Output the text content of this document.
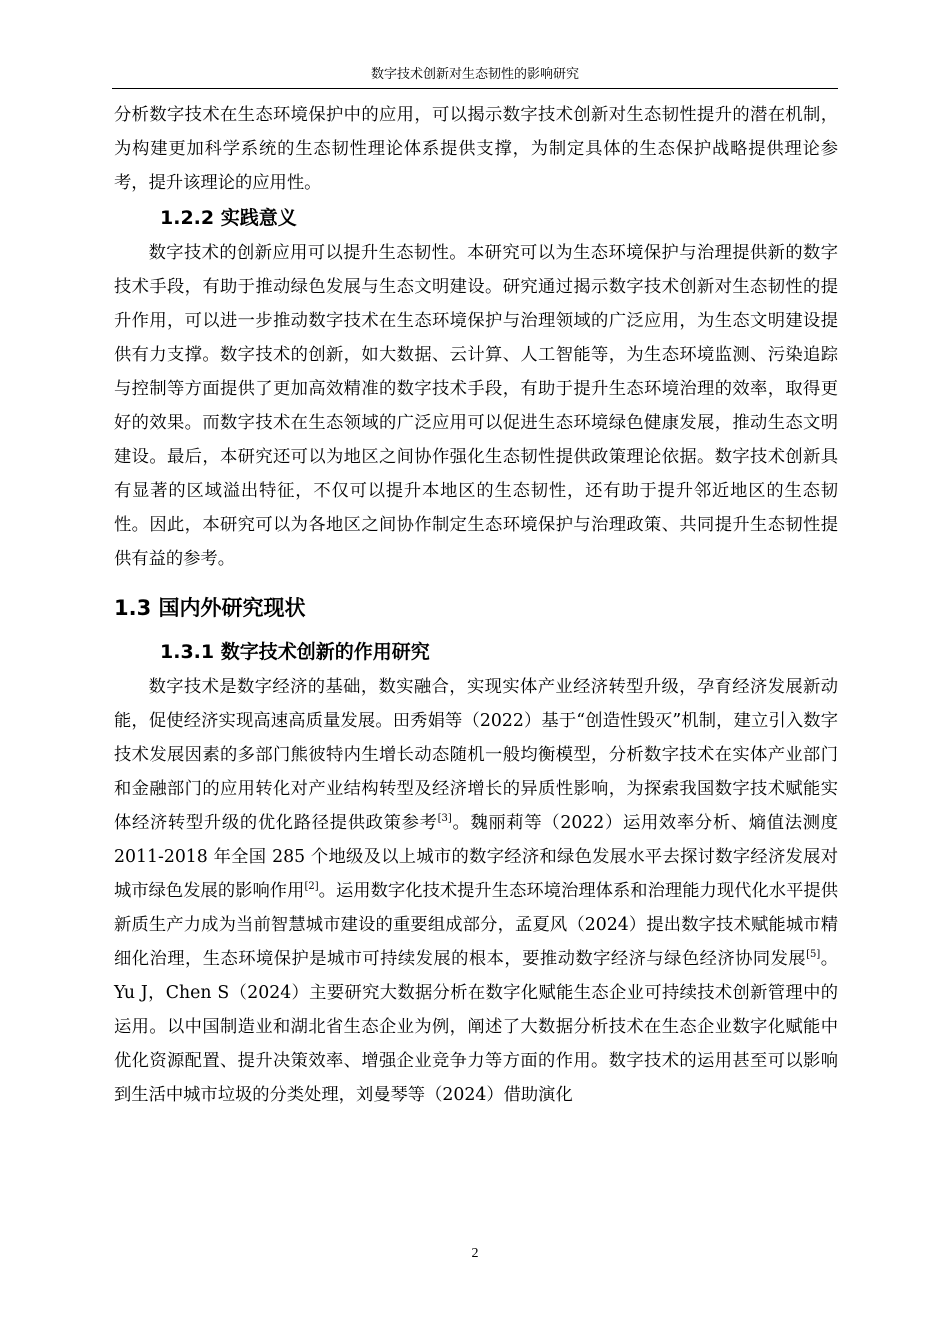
数字技术创新对生态韧性的影响研究

分析数字技术在生态环境保护中的应用，可以揭示数字技术创新对生态韧性提升的潜在机制，为构建更加科学系统的生态韧性理论体系提供支撑，为制定具体的生态保护战略提供理论参考，提升该理论的应用性。

1.2.2 实践意义

数字技术的创新应用可以提升生态韧性。本研究可以为生态环境保护与治理提供新的数字技术手段，有助于推动绿色发展与生态文明建设。研究通过揭示数字技术创新对生态韧性的提升作用，可以进一步推动数字技术在生态环境保护与治理领域的广泛应用，为生态文明建设提供有力支撑。数字技术的创新，如大数据、云计算、人工智能等，为生态环境监测、污染追踪与控制等方面提供了更加高效精准的数字技术手段，有助于提升生态环境治理的效率，取得更好的效果。而数字技术在生态领域的广泛应用可以促进生态环境绿色健康发展，推动生态文明建设。最后，本研究还可以为地区之间协作强化生态韧性提供政策理论依据。数字技术创新具有显著的区域溢出特征，不仅可以提升本地区的生态韧性，还有助于提升邻近地区的生态韧性。因此，本研究可以为各地区之间协作制定生态环境保护与治理政策、共同提升生态韧性提供有益的参考。

1.3 国内外研究现状
1.3.1 数字技术创新的作用研究

数字技术是数字经济的基础，数实融合，实现实体产业经济转型升级，孕育经济发展新动能，促使经济实现高速高质量发展。田秀娟等（2022）基于“创造性毁灭”机制，建立引入数字技术发展因素的多部门熊彼特内生增长动态随机一般均衡模型，分析数字技术在实体产业部门和金融部门的应用转化对产业结构转型及经济增长的异质性影响，为探索我国数字技术赋能实体经济转型升级的优化路径提供政策参考[3]。魏丽莉等（2022）运用效率分析、熵值法测度 2011-2018 年全国 285 个地级及以上城市的数字经济和绿色发展水平去探讨数字经济发展对城市绿色发展的影响作用[2]。运用数字化技术提升生态环境治理体系和治理能力现代化水平提供新质生产力成为当前智慧城市建设的重要组成部分，孟夏风（2024）提出数字技术赋能城市精细化治理，生态环境保护是城市可持续发展的根本，要推动数字经济与绿色经济协同发展[5]。Yu J，Chen S（2024）主要研究大数据分析在数字化赋能生态企业可持续技术创新管理中的运用。以中国制造业和湖北省生态企业为例，阐述了大数据分析技术在生态企业数字化赋能中优化资源配置、提升决策效率、增强企业竞争力等方面的作用。数字技术的运用甚至可以影响到生活中城市垃圾的分类处理，刘曼琴等（2024）借助演化

2
